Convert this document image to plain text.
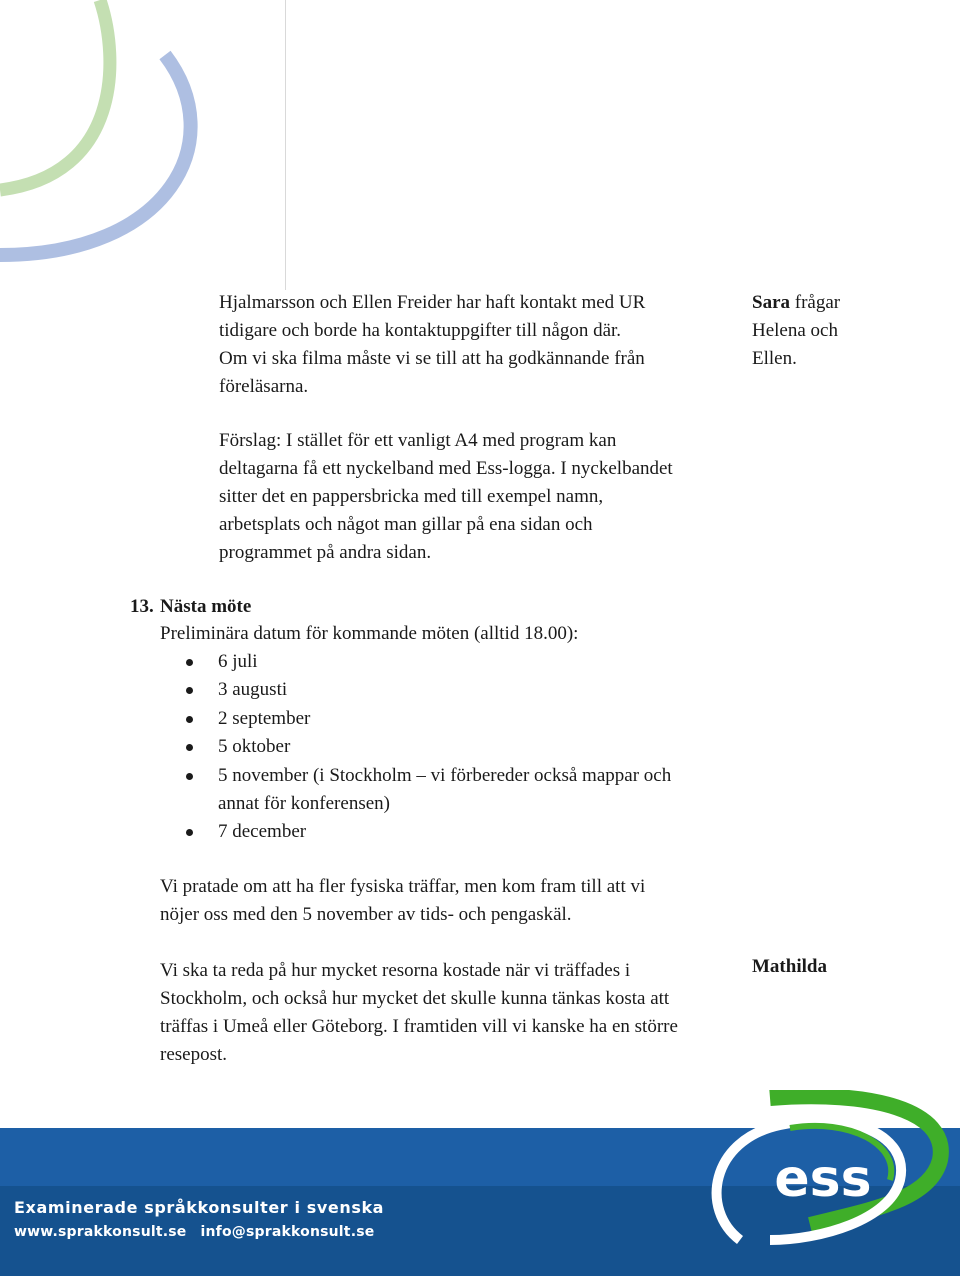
Hjalmarsson och Ellen Freider har haft kontakt med UR
tidigare och borde ha kontaktuppgifter till någon där.
Om vi ska filma måste vi se till att ha godkännande från
föreläsarna.
Sara frågar
Helena och
Ellen.
Förslag: I stället för ett vanligt A4 med program kan
deltagarna få ett nyckelband med Ess-logga. I nyckelbandet
sitter det en pappersbricka med till exempel namn,
arbetsplats och något man gillar på ena sidan och
programmet på andra sidan.
13. Nästa möte
Preliminära datum för kommande möten (alltid 18.00):
6 juli
3 augusti
2 september
5 oktober
5 november (i Stockholm – vi förbereder också mappar och
annat för konferensen)
7 december
Vi pratade om att ha fler fysiska träffar, men kom fram till att vi
nöjer oss med den 5 november av tids- och pengaskäl.
Vi ska ta reda på hur mycket resorna kostade när vi träffades i
Stockholm, och också hur mycket det skulle kunna tänkas kosta att
träffas i Umeå eller Göteborg. I framtiden vill vi kanske ha en större
resepost.
Mathilda
Examinerade språkkonsulter i svenska
www.sprakkonsult.se info@sprakkonsult.se
ess
